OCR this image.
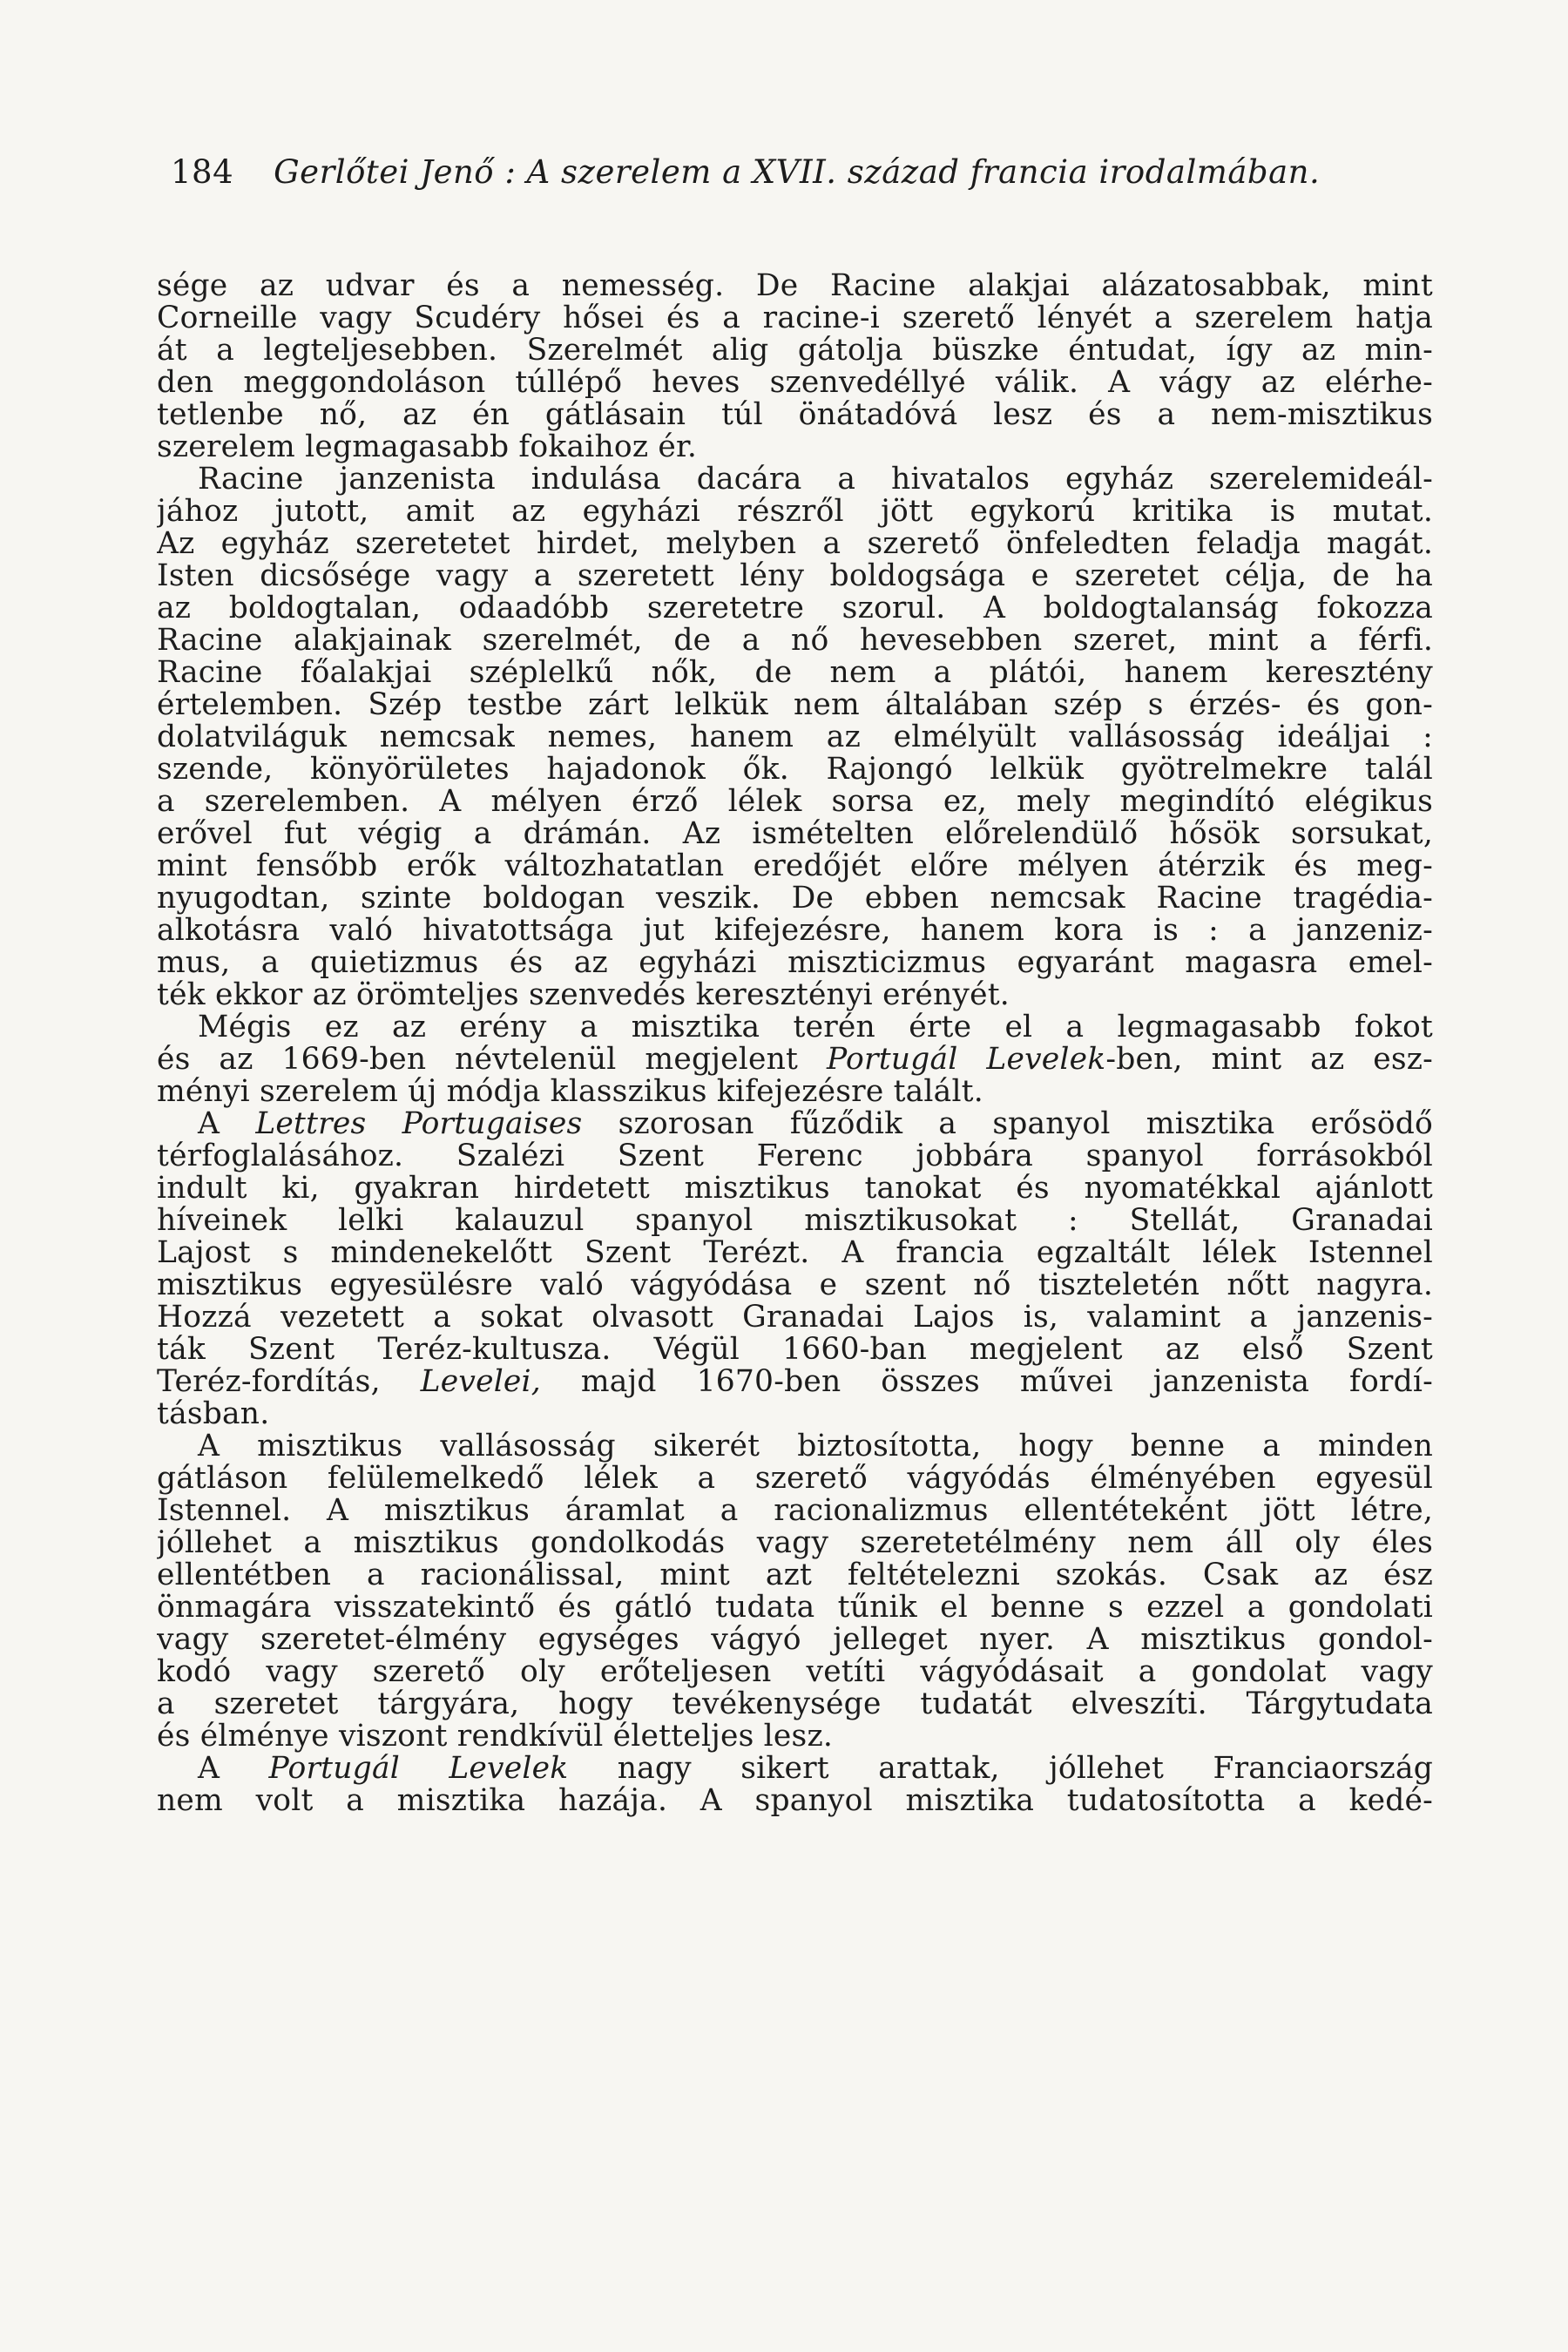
184 Gerlőtei Jenő : A szerelem a XVII. század francia irodalmában.
sége az udvar és a nemesség. De Racine alakjai alázatosabbak, mint
Corneille vagy Scudéry hősei és a racine-i szerető lényét a szerelem hatja
át a legteljesebben. Szerelmét alig gátolja büszke éntudat, így az min-
den meggondoláson túllépő heves szenvedéllyé válik. A vágy az elérhe-
tetlenbe nő, az én gátlásain túl önátadóvá lesz és a nem-misztikus
szerelem legmagasabb fokaihoz ér.
Racine janzenista indulása dacára a hivatalos egyház szerelemideál-
jához jutott, amit az egyházi részről jött egykorú kritika is mutat.
Az egyház szeretetet hirdet, melyben a szerető önfeledten feladja magát.
Isten dicsősége vagy a szeretett lény boldogsága e szeretet célja, de ha
az boldogtalan, odaadóbb szeretetre szorul. A boldogtalanság fokozza
Racine alakjainak szerelmét, de a nő hevesebben szeret, mint a férfi.
Racine főalakjai széplelkű nők, de nem a plátói, hanem keresztény
értelemben. Szép testbe zárt lelkük nem általában szép s érzés- és gon-
dolatviláguk nemcsak nemes, hanem az elmélyült vallásosság ideáljai :
szende, könyörületes hajadonok ők. Rajongó lelkük gyötrelmekre talál
a szerelemben. A mélyen érző lélek sorsa ez, mely megindító elégikus
erővel fut végig a drámán. Az ismételten előrelendülő hősök sorsukat,
mint fensőbb erők változhatatlan eredőjét előre mélyen átérzik és meg-
nyugodtan, szinte boldogan veszik. De ebben nemcsak Racine tragédia-
alkotásra való hivatottsága jut kifejezésre, hanem kora is : a janzeniz-
mus, a quietizmus és az egyházi miszticizmus egyaránt magasra emel-
ték ekkor az örömteljes szenvedés keresztényi erényét.
Mégis ez az erény a misztika terén érte el a legmagasabb fokot
és az 1669-ben névtelenül megjelent Portugál Levelek-ben, mint az esz-
ményi szerelem új módja klasszikus kifejezésre talált.
A Lettres Portugaises szorosan fűződik a spanyol misztika erősödő
térfoglalásához. Szalézi Szent Ferenc jobbára spanyol forrásokból
indult ki, gyakran hirdetett misztikus tanokat és nyomatékkal ajánlott
híveinek lelki kalauzul spanyol misztikusokat : Stellát, Granadai
Lajost s mindenekelőtt Szent Terézt. A francia egzaltált lélek Istennel
misztikus egyesülésre való vágyódása e szent nő tiszteletén nőtt nagyra.
Hozzá vezetett a sokat olvasott Granadai Lajos is, valamint a janzenis-
ták Szent Teréz-kultusza. Végül 1660-ban megjelent az első Szent
Teréz-fordítás, Levelei, majd 1670-ben összes művei janzenista fordí-
tásban.
A misztikus vallásosság sikerét biztosította, hogy benne a minden
gátláson felülemelkedő lélek a szerető vágyódás élményében egyesül
Istennel. A misztikus áramlat a racionalizmus ellentéteként jött létre,
jóllehet a misztikus gondolkodás vagy szeretetélmény nem áll oly éles
ellentétben a racionálissal, mint azt feltételezni szokás. Csak az ész
önmagára visszatekintő és gátló tudata tűnik el benne s ezzel a gondolati
vagy szeretet-élmény egységes vágyó jelleget nyer. A misztikus gondol-
kodó vagy szerető oly erőteljesen vetíti vágyódásait a gondolat vagy
a szeretet tárgyára, hogy tevékenysége tudatát elveszíti. Tárgytudata
és élménye viszont rendkívül életteljes lesz.
A Portugál Levelek nagy sikert arattak, jóllehet Franciaország
nem volt a misztika hazája. A spanyol misztika tudatosította a kedé-
